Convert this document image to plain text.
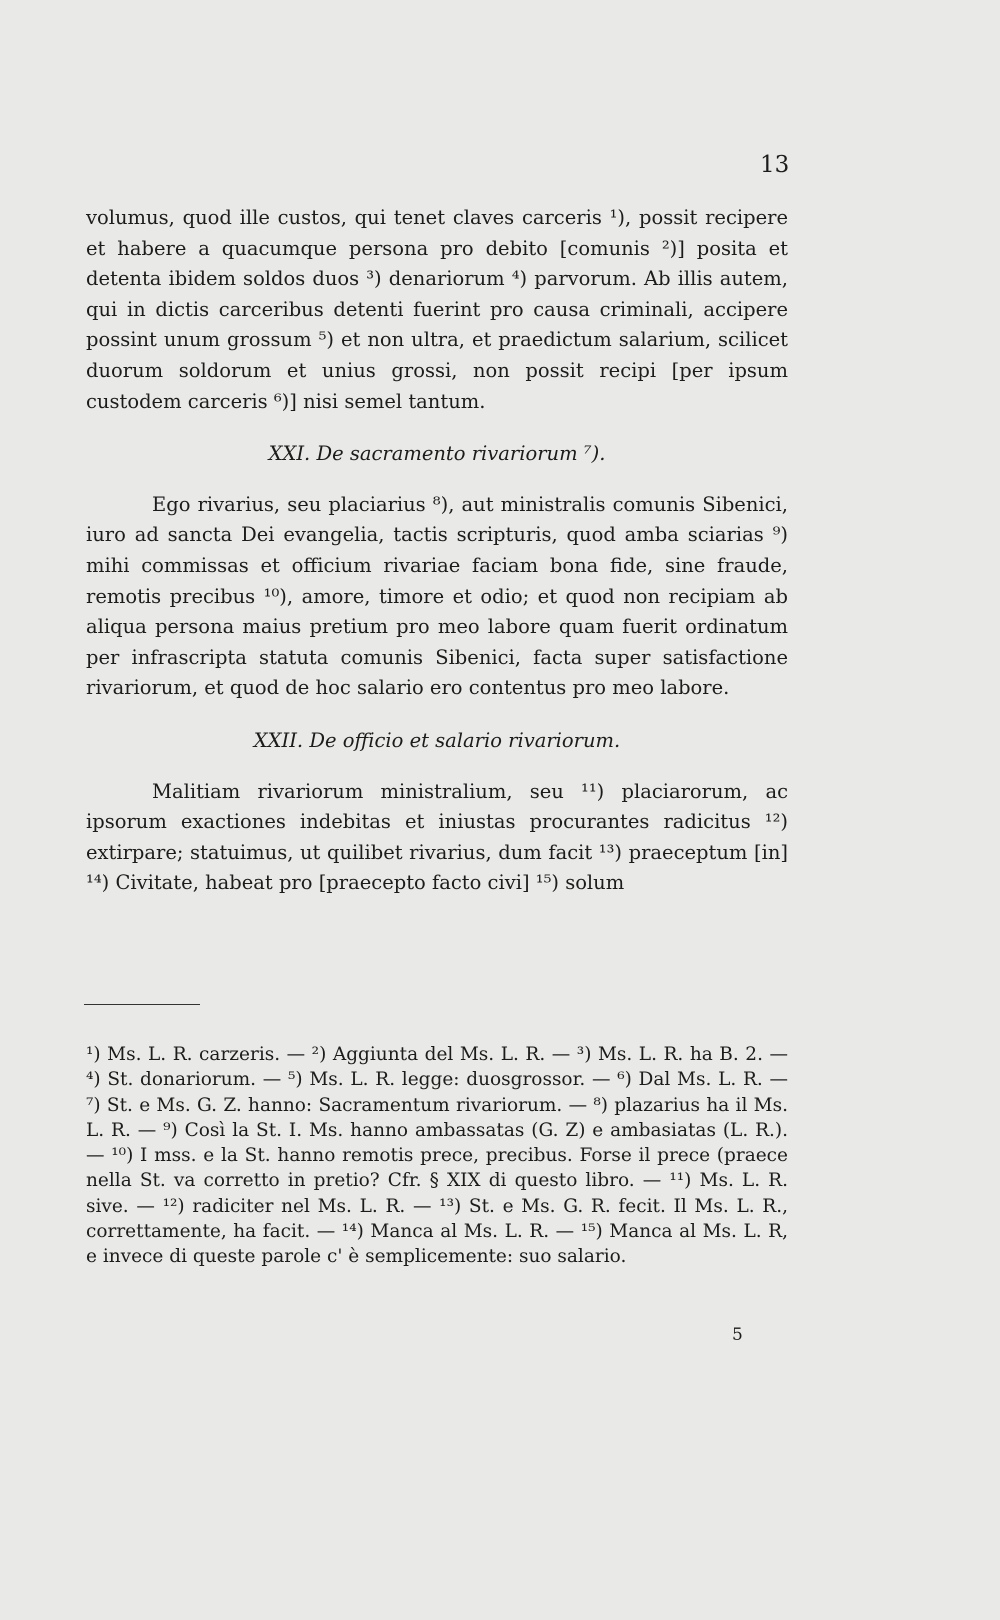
13

volumus, quod ille custos, qui tenet claves carceris ¹), possit recipere et habere a quacumque persona pro debito [comunis ²)] posita et detenta ibidem soldos duos ³) denariorum ⁴) parvorum. Ab illis autem, qui in dictis carceribus detenti fuerint pro causa criminali, accipere possint unum grossum ⁵) et non ultra, et praedictum salarium, scilicet duorum soldorum et unius grossi, non possit recipi [per ipsum custodem carceris ⁶)] nisi semel tantum.

XXI. De sacramento rivariorum ⁷).

Ego rivarius, seu placiarius ⁸), aut ministralis comunis Sibenici, iuro ad sancta Dei evangelia, tactis scripturis, quod amba sciarias ⁹) mihi commissas et officium rivariae faciam bona fide, sine fraude, remotis precibus ¹⁰), amore, timore et odio; et quod non recipiam ab aliqua persona maius pretium pro meo labore quam fuerit ordinatum per infrascripta statuta comunis Sibenici, facta super satisfactione rivariorum, et quod de hoc salario ero contentus pro meo labore.

XXII. De officio et salario rivariorum.

Malitiam rivariorum ministralium, seu ¹¹) placiarorum, ac ipsorum exactiones indebitas et iniustas procurantes radicitus ¹²) extirpare; statuimus, ut quilibet rivarius, dum facit ¹³) praeceptum [in] ¹⁴) Civitate, habeat pro [praecepto facto civi] ¹⁵) solum

¹) Ms. L. R. carzeris. — ²) Aggiunta del Ms. L. R. — ³) Ms. L. R. ha B. 2. — ⁴) St. donariorum. — ⁵) Ms. L. R. legge: duosgrossor. — ⁶) Dal Ms. L. R. — ⁷) St. e Ms. G. Z. hanno: Sacramentum rivariorum. — ⁸) plazarius ha il Ms. L. R. — ⁹) Così la St. I. Ms. hanno ambassatas (G. Z) e ambasiatas (L. R.). — ¹⁰) I mss. e la St. hanno remotis prece, precibus. Forse il prece (praece nella St. va corretto in pretio? Cfr. § XIX di questo libro. — ¹¹) Ms. L. R. sive. — ¹²) radiciter nel Ms. L. R. — ¹³) St. e Ms. G. R. fecit. Il Ms. L. R., correttamente, ha facit. — ¹⁴) Manca al Ms. L. R. — ¹⁵) Manca al Ms. L. R, e invece di queste parole c' è semplicemente: suo salario.

5
